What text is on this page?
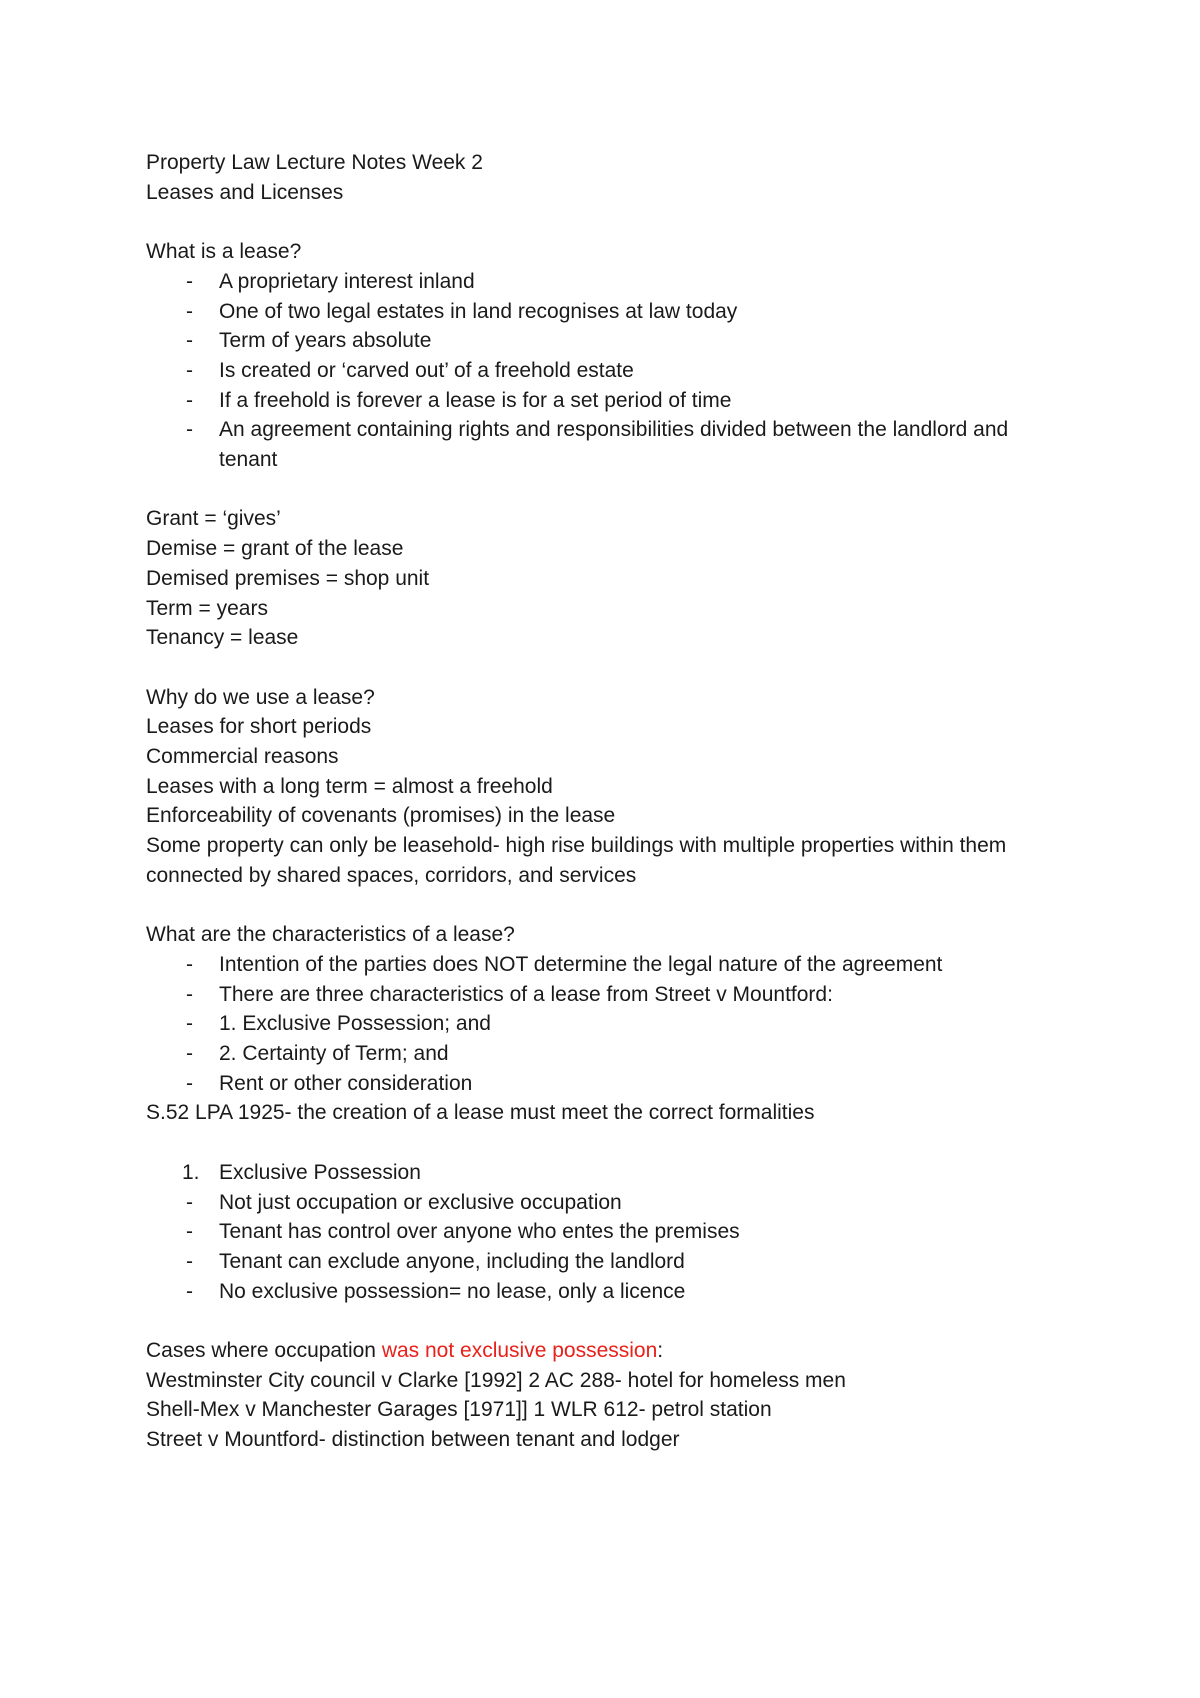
Property Law Lecture Notes Week 2

Leases and Licenses

What is a lease?

- A proprietary interest inland
- One of two legal estates in land recognises at law today
- Term of years absolute
- Is created or ‘carved out’ of a freehold estate
- If a freehold is forever a lease is for a set period of time
- An agreement containing rights and responsibilities divided between the landlord and tenant

Grant = ‘gives’

Demise = grant of the lease

Demised premises = shop unit

Term = years

Tenancy = lease

Why do we use a lease?

Leases for short periods

Commercial reasons

Leases with a long term = almost a freehold

Enforceability of covenants (promises) in the lease

Some property can only be leasehold- high rise buildings with multiple properties within them connected by shared spaces, corridors, and services

What are the characteristics of a lease?

- Intention of the parties does NOT determine the legal nature of the agreement
- There are three characteristics of a lease from Street v Mountford:
- 1. Exclusive Possession; and
- 2. Certainty of Term; and
- Rent or other consideration

S.52 LPA 1925- the creation of a lease must meet the correct formalities

1. Exclusive Possession
- Not just occupation or exclusive occupation
- Tenant has control over anyone who entes the premises
- Tenant can exclude anyone, including the landlord
- No exclusive possession= no lease, only a licence

Cases where occupation was not exclusive possession:

Westminster City council v Clarke [1992] 2 AC 288- hotel for homeless men

Shell-Mex v Manchester Garages [1971]] 1 WLR 612- petrol station

Street v Mountford- distinction between tenant and lodger
